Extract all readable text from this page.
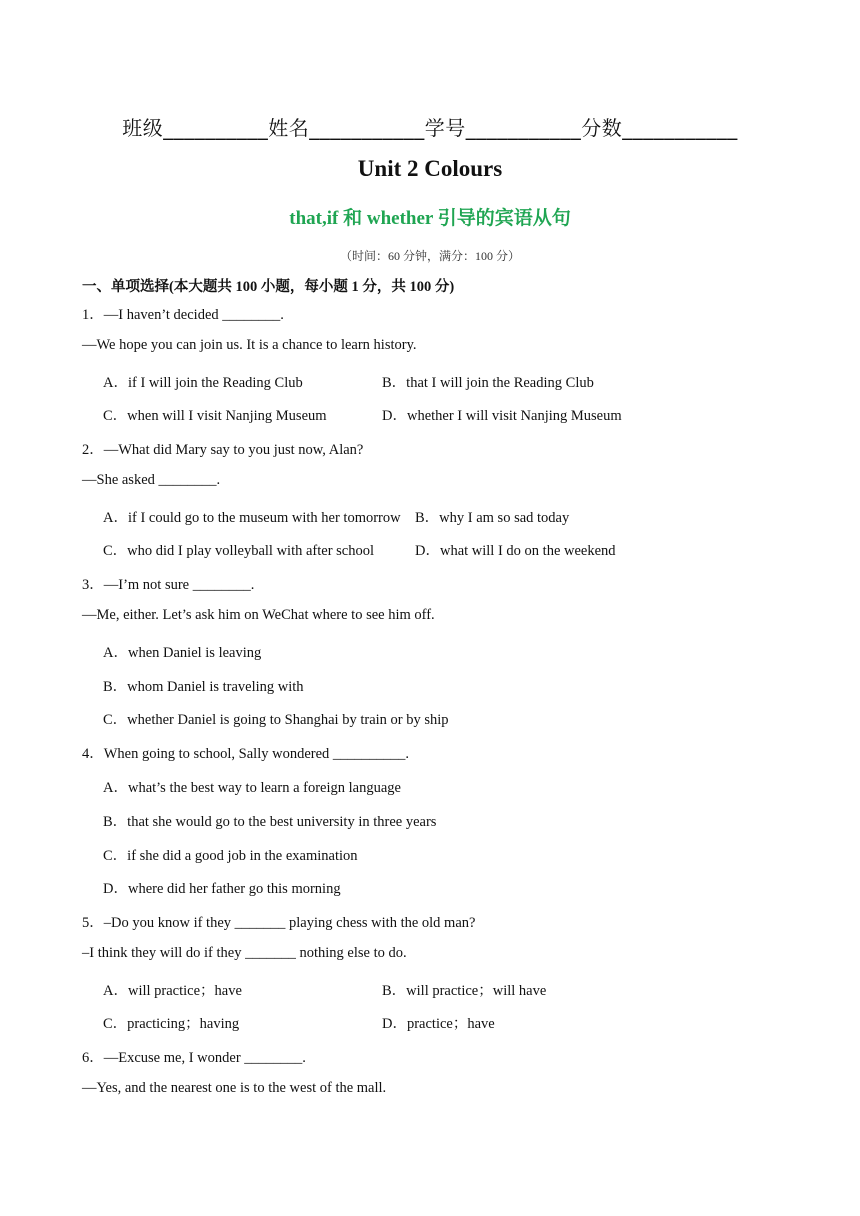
班级__________姓名___________学号___________分数___________
Unit 2 Colours
that,if 和 whether 引导的宾语从句
（时间：60 分钟，满分：100 分）
一、单项选择(本大题共 100 小题，每小题 1 分，共 100 分)
1．—I haven’t decided ________.
—We hope you can join us. It is a chance to learn history.
A．if I will join the Reading Club	B．that I will join the Reading Club
C．when will I visit Nanjing Museum	D．whether I will visit Nanjing Museum
2．—What did Mary say to you just now, Alan?
—She asked ________.
A．if I could go to the museum with her tomorrow B．why I am so sad today
C．who did I play volleyball with after school	D．what will I do on the weekend
3．—I’m not sure ________.
—Me, either. Let’s ask him on WeChat where to see him off.
A．when Daniel is leaving
B．whom Daniel is traveling with
C．whether Daniel is going to Shanghai by train or by ship
4．When going to school, Sally wondered __________.
A．what’s the best way to learn a foreign language
B．that she would go to the best university in three years
C．if she did a good job in the examination
D．where did her father go this morning
5．–Do you know if they _______ playing chess with the old man?
–I think they will do if they _______ nothing else to do.
A．will practice；have	B．will practice；will have
C．practicing；having	D．practice；have
6．—Excuse me, I wonder ________.
—Yes, and the nearest one is to the west of the mall.
